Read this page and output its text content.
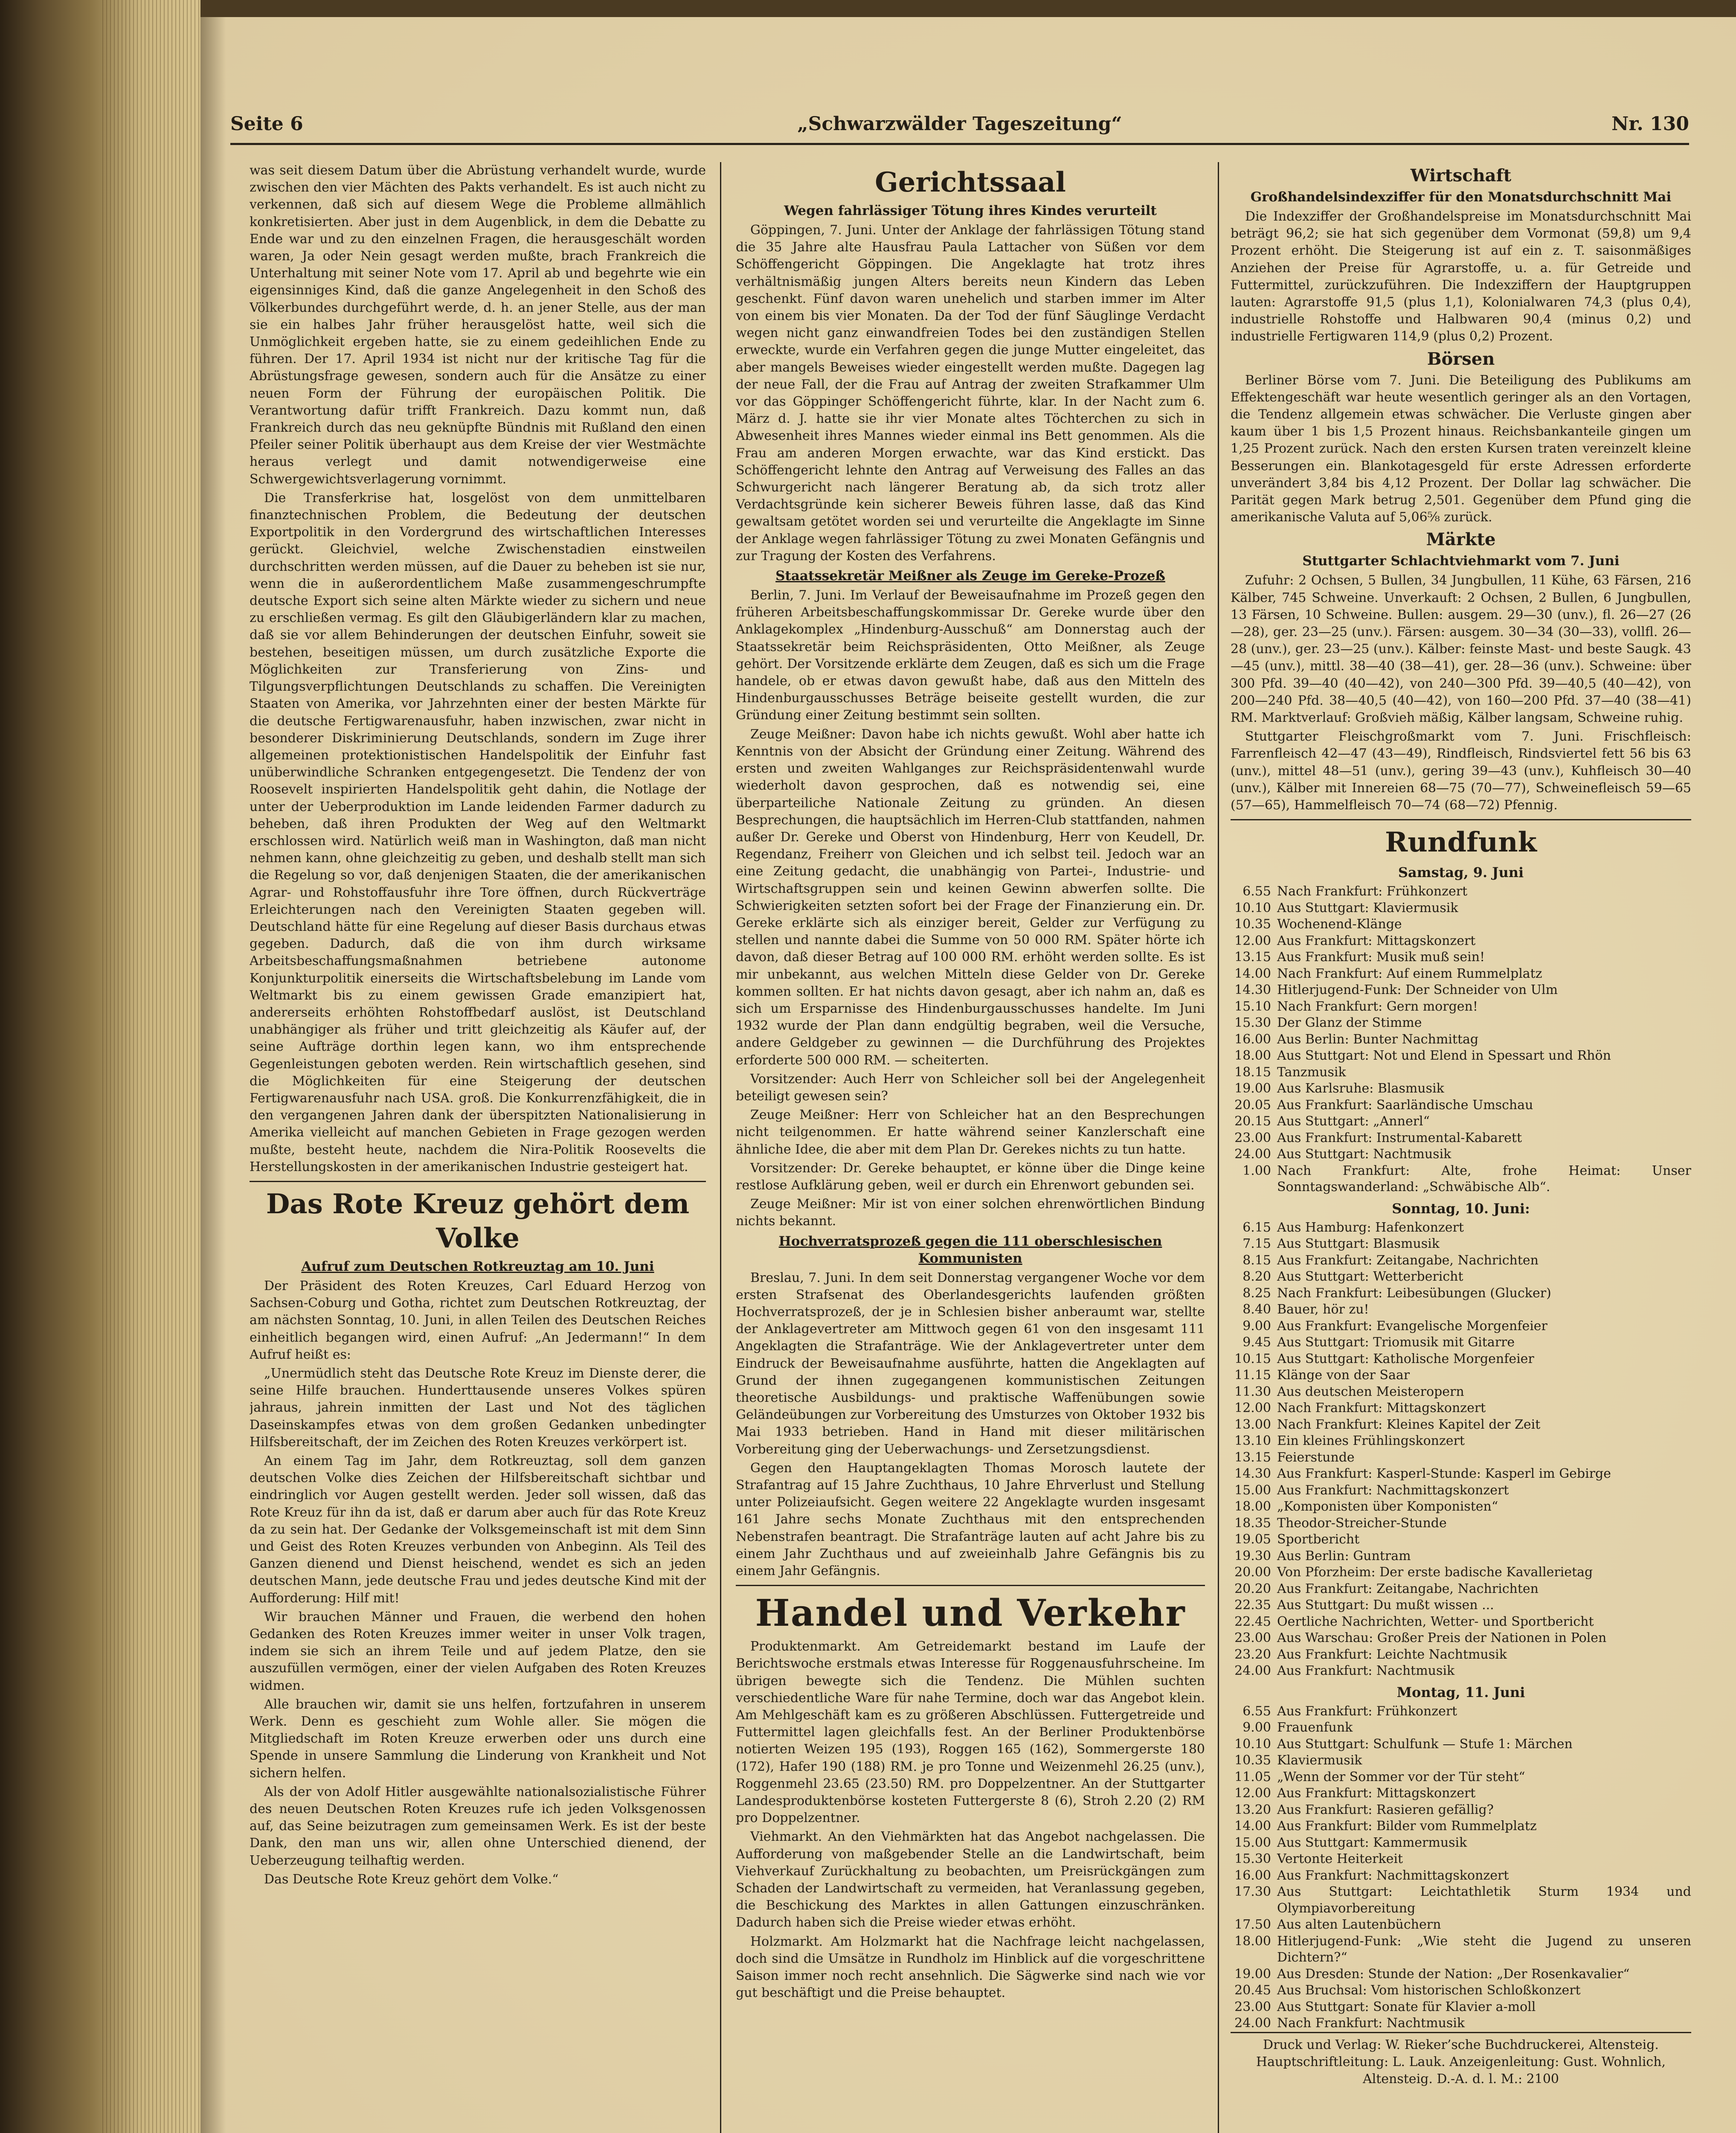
Seite 6	„Schwarzwälder Tageszeitung“	Nr. 130

was seit diesem Datum über die Abrüstung verhandelt wurde, wurde zwischen den vier Mächten des Pakts verhandelt. Es ist auch nicht zu verkennen, daß sich auf diesem Wege die Probleme allmählich konkretisierten. Aber just in dem Augenblick, in dem die Debatte zu Ende war und zu den einzelnen Fragen, die herausgeschält worden waren, Ja oder Nein gesagt werden mußte, brach Frankreich die Unterhaltung mit seiner Note vom 17. April ab und begehrte wie ein eigensinniges Kind, daß die ganze Angelegenheit in den Schoß des Völkerbundes durchgeführt werde, d. h. an jener Stelle, aus der man sie ein halbes Jahr früher herausgelöst hatte, weil sich die Unmöglichkeit ergeben hatte, sie zu einem gedeihlichen Ende zu führen. Der 17. April 1934 ist nicht nur der kritische Tag für die Abrüstungsfrage gewesen, sondern auch für die Ansätze zu einer neuen Form der Führung der europäischen Politik. Die Verantwortung dafür trifft Frankreich. Dazu kommt nun, daß Frankreich durch das neu geknüpfte Bündnis mit Rußland den einen Pfeiler seiner Politik überhaupt aus dem Kreise der vier Westmächte heraus verlegt und damit notwendigerweise eine Schwergewichtsverlagerung vornimmt.

Die Transferkrise hat, losgelöst von dem unmittelbaren finanztechnischen Problem, die Bedeutung der deutschen Exportpolitik in den Vordergrund des wirtschaftlichen Interesses gerückt. Gleichviel, welche Zwischenstadien einstweilen durchschritten werden müssen, auf die Dauer zu beheben ist sie nur, wenn die in außerordentlichem Maße zusammengeschrumpfte deutsche Export sich seine alten Märkte wieder zu sichern und neue zu erschließen vermag. Es gilt den Gläubigerländern klar zu machen, daß sie vor allem Behinderungen der deutschen Einfuhr, soweit sie bestehen, beseitigen müssen, um durch zusätzliche Exporte die Möglichkeiten zur Transferierung von Zins- und Tilgungsverpflichtungen Deutschlands zu schaffen. Die Vereinigten Staaten von Amerika, vor Jahrzehnten einer der besten Märkte für die deutsche Fertigwarenausfuhr, haben inzwischen, zwar nicht in besonderer Diskriminierung Deutschlands, sondern im Zuge ihrer allgemeinen protektionistischen Handelspolitik der Einfuhr fast unüberwindliche Schranken entgegengesetzt. Die Tendenz der von Roosevelt inspirierten Handelspolitik geht dahin, die Notlage der unter der Ueberproduktion im Lande leidenden Farmer dadurch zu beheben, daß ihren Produkten der Weg auf den Weltmarkt erschlossen wird. Natürlich weiß man in Washington, daß man nicht nehmen kann, ohne gleichzeitig zu geben, und deshalb stellt man sich die Regelung so vor, daß denjenigen Staaten, die der amerikanischen Agrar- und Rohstoffausfuhr ihre Tore öffnen, durch Rückverträge Erleichterungen nach den Vereinigten Staaten gegeben will. Deutschland hätte für eine Regelung auf dieser Basis durchaus etwas gegeben. Dadurch, daß die von ihm durch wirksame Arbeitsbeschaffungsmaßnahmen betriebene autonome Konjunkturpolitik einerseits die Wirtschaftsbelebung im Lande vom Weltmarkt bis zu einem gewissen Grade emanzipiert hat, andererseits erhöhten Rohstoffbedarf auslöst, ist Deutschland unabhängiger als früher und tritt gleichzeitig als Käufer auf, der seine Aufträge dorthin legen kann, wo ihm entsprechende Gegenleistungen geboten werden. Rein wirtschaftlich gesehen, sind die Möglichkeiten für eine Steigerung der deutschen Fertigwarenausfuhr nach USA. groß. Die Konkurrenzfähigkeit, die in den vergangenen Jahren dank der überspitzten Nationalisierung in Amerika vielleicht auf manchen Gebieten in Frage gezogen werden mußte, besteht heute, nachdem die Nira-Politik Roosevelts die Herstellungskosten in der amerikanischen Industrie gesteigert hat.

Das Rote Kreuz gehört dem Volke
Aufruf zum Deutschen Rotkreuztag am 10. Juni

Der Präsident des Roten Kreuzes, Carl Eduard Herzog von Sachsen-Coburg und Gotha, richtet zum Deutschen Rotkreuztag, der am nächsten Sonntag, 10. Juni, in allen Teilen des Deutschen Reiches einheitlich begangen wird, einen Aufruf: „An Jedermann!“ In dem Aufruf heißt es:

„Unermüdlich steht das Deutsche Rote Kreuz im Dienste derer, die seine Hilfe brauchen. Hunderttausende unseres Volkes spüren jahraus, jahrein inmitten der Last und Not des täglichen Daseinskampfes etwas von dem großen Gedanken unbedingter Hilfsbereitschaft, der im Zeichen des Roten Kreuzes verkörpert ist.

An einem Tag im Jahr, dem Rotkreuztag, soll dem ganzen deutschen Volke dies Zeichen der Hilfsbereitschaft sichtbar und eindringlich vor Augen gestellt werden. Jeder soll wissen, daß das Rote Kreuz für ihn da ist, daß er darum aber auch für das Rote Kreuz da zu sein hat. Der Gedanke der Volksgemeinschaft ist mit dem Sinn und Geist des Roten Kreuzes verbunden von Anbeginn. Als Teil des Ganzen dienend und Dienst heischend, wendet es sich an jeden deutschen Mann, jede deutsche Frau und jedes deutsche Kind mit der Aufforderung: Hilf mit!

Wir brauchen Männer und Frauen, die werbend den hohen Gedanken des Roten Kreuzes immer weiter in unser Volk tragen, indem sie sich an ihrem Teile und auf jedem Platze, den sie auszufüllen vermögen, einer der vielen Aufgaben des Roten Kreuzes widmen.

Alle brauchen wir, damit sie uns helfen, fortzufahren in unserem Werk. Denn es geschieht zum Wohle aller. Sie mögen die Mitgliedschaft im Roten Kreuze erwerben oder uns durch eine Spende in unsere Sammlung die Linderung von Krankheit und Not sichern helfen.

Als der von Adolf Hitler ausgewählte nationalsozialistische Führer des neuen Deutschen Roten Kreuzes rufe ich jeden Volksgenossen auf, das Seine beizutragen zum gemeinsamen Werk. Es ist der beste Dank, den man uns wir, allen ohne Unterschied dienend, der Ueberzeugung teilhaftig werden.

Das Deutsche Rote Kreuz gehört dem Volke.“

Gerichtssaal
Wegen fahrlässiger Tötung ihres Kindes verurteilt

Göppingen, 7. Juni. Unter der Anklage der fahrlässigen Tötung stand die 35 Jahre alte Hausfrau Paula Lattacher von Süßen vor dem Schöffengericht Göppingen. Die Angeklagte hat trotz ihres verhältnismäßig jungen Alters bereits neun Kindern das Leben geschenkt. Fünf davon waren unehelich und starben immer im Alter von einem bis vier Monaten. Da der Tod der fünf Säuglinge Verdacht wegen nicht ganz einwandfreien Todes bei den zuständigen Stellen erweckte, wurde ein Verfahren gegen die junge Mutter eingeleitet, das aber mangels Beweises wieder eingestellt werden mußte. Dagegen lag der neue Fall, der die Frau auf Antrag der zweiten Strafkammer Ulm vor das Göppinger Schöffengericht führte, klar. In der Nacht zum 6. März d. J. hatte sie ihr vier Monate altes Töchterchen zu sich in Abwesenheit ihres Mannes wieder einmal ins Bett genommen. Als die Frau am anderen Morgen erwachte, war das Kind erstickt. Das Schöffengericht lehnte den Antrag auf Verweisung des Falles an das Schwurgericht nach längerer Beratung ab, da sich trotz aller Verdachtsgründe kein sicherer Beweis führen lasse, daß das Kind gewaltsam getötet worden sei und verurteilte die Angeklagte im Sinne der Anklage wegen fahrlässiger Tötung zu zwei Monaten Gefängnis und zur Tragung der Kosten des Verfahrens.

Staatssekretär Meißner als Zeuge im Gereke-Prozeß

Berlin, 7. Juni. Im Verlauf der Beweisaufnahme im Prozeß gegen den früheren Arbeitsbeschaffungskommissar Dr. Gereke wurde über den Anklagekomplex „Hindenburg-Ausschuß“ am Donnerstag auch der Staatssekretär beim Reichspräsidenten, Otto Meißner, als Zeuge gehört. Der Vorsitzende erklärte dem Zeugen, daß es sich um die Frage handele, ob er etwas davon gewußt habe, daß aus den Mitteln des Hindenburgausschusses Beträge beiseite gestellt wurden, die zur Gründung einer Zeitung bestimmt sein sollten.

Zeuge Meißner: Davon habe ich nichts gewußt. Wohl aber hatte ich Kenntnis von der Absicht der Gründung einer Zeitung. Während des ersten und zweiten Wahlganges zur Reichspräsidentenwahl wurde wiederholt davon gesprochen, daß es notwendig sei, eine überparteiliche Nationale Zeitung zu gründen. An diesen Besprechungen, die hauptsächlich im Herren-Club stattfanden, nahmen außer Dr. Gereke und Oberst von Hindenburg, Herr von Keudell, Dr. Regendanz, Freiherr von Gleichen und ich selbst teil. Jedoch war an eine Zeitung gedacht, die unabhängig von Partei-, Industrie- und Wirtschaftsgruppen sein und keinen Gewinn abwerfen sollte. Die Schwierigkeiten setzten sofort bei der Frage der Finanzierung ein. Dr. Gereke erklärte sich als einziger bereit, Gelder zur Verfügung zu stellen und nannte dabei die Summe von 50 000 RM. Später hörte ich davon, daß dieser Betrag auf 100 000 RM. erhöht werden sollte. Es ist mir unbekannt, aus welchen Mitteln diese Gelder von Dr. Gereke kommen sollten. Er hat nichts davon gesagt, aber ich nahm an, daß es sich um Ersparnisse des Hindenburgausschusses handelte. Im Juni 1932 wurde der Plan dann endgültig begraben, weil die Versuche, andere Geldgeber zu gewinnen — die Durchführung des Projektes erforderte 500 000 RM. — scheiterten.

Vorsitzender: Auch Herr von Schleicher soll bei der Angelegenheit beteiligt gewesen sein?

Zeuge Meißner: Herr von Schleicher hat an den Besprechungen nicht teilgenommen. Er hatte während seiner Kanzlerschaft eine ähnliche Idee, die aber mit dem Plan Dr. Gerekes nichts zu tun hatte.

Vorsitzender: Dr. Gereke behauptet, er könne über die Dinge keine restlose Aufklärung geben, weil er durch ein Ehrenwort gebunden sei.

Zeuge Meißner: Mir ist von einer solchen ehrenwörtlichen Bindung nichts bekannt.

Hochverratsprozeß gegen die 111 oberschlesischen Kommunisten

Breslau, 7. Juni. In dem seit Donnerstag vergangener Woche vor dem ersten Strafsenat des Oberlandesgerichts laufenden größten Hochverratsprozeß, der je in Schlesien bisher anberaumt war, stellte der Anklagevertreter am Mittwoch gegen 61 von den insgesamt 111 Angeklagten die Strafanträge. Wie der Anklagevertreter unter dem Eindruck der Beweisaufnahme ausführte, hatten die Angeklagten auf Grund der ihnen zugegangenen kommunistischen Zeitungen theoretische Ausbildungs- und praktische Waffenübungen sowie Geländeübungen zur Vorbereitung des Umsturzes von Oktober 1932 bis Mai 1933 betrieben. Hand in Hand mit dieser militärischen Vorbereitung ging der Ueberwachungs- und Zersetzungsdienst.

Gegen den Hauptangeklagten Thomas Morosch lautete der Strafantrag auf 15 Jahre Zuchthaus, 10 Jahre Ehrverlust und Stellung unter Polizeiaufsicht. Gegen weitere 22 Angeklagte wurden insgesamt 161 Jahre sechs Monate Zuchthaus mit den entsprechenden Nebenstrafen beantragt. Die Strafanträge lauten auf acht Jahre bis zu einem Jahr Zuchthaus und auf zweieinhalb Jahre Gefängnis bis zu einem Jahr Gefängnis.

Handel und Verkehr

Produktenmarkt. Am Getreidemarkt bestand im Laufe der Berichtswoche erstmals etwas Interesse für Roggenausfuhrscheine. Im übrigen bewegte sich die Tendenz. Die Mühlen suchten verschiedentliche Ware für nahe Termine, doch war das Angebot klein. Am Mehlgeschäft kam es zu größeren Abschlüssen. Futtergetreide und Futtermittel lagen gleichfalls fest. An der Berliner Produktenbörse notierten Weizen 195 (193), Roggen 165 (162), Sommergerste 180 (172), Hafer 190 (188) RM. je pro Tonne und Weizenmehl 26.25 (unv.), Roggenmehl 23.65 (23.50) RM. pro Doppelzentner. An der Stuttgarter Landesproduktenbörse kosteten Futtergerste 8 (6), Stroh 2.20 (2) RM pro Doppelzentner.

Viehmarkt. An den Viehmärkten hat das Angebot nachgelassen. Die Aufforderung von maßgebender Stelle an die Landwirtschaft, beim Viehverkauf Zurückhaltung zu beobachten, um Preisrückgängen zum Schaden der Landwirtschaft zu vermeiden, hat Veranlassung gegeben, die Beschickung des Marktes in allen Gattungen einzuschränken. Dadurch haben sich die Preise wieder etwas erhöht.

Holzmarkt. Am Holzmarkt hat die Nachfrage leicht nachgelassen, doch sind die Umsätze in Rundholz im Hinblick auf die vorgeschrittene Saison immer noch recht ansehnlich. Die Sägwerke sind nach wie vor gut beschäftigt und die Preise behauptet.

Wirtschaft
Großhandelsindexziffer für den Monatsdurchschnitt Mai

Die Indexziffer der Großhandelspreise im Monatsdurchschnitt Mai beträgt 96,2; sie hat sich gegenüber dem Vormonat (59,8) um 9,4 Prozent erhöht. Die Steigerung ist auf ein z. T. saisonmäßiges Anziehen der Preise für Agrarstoffe, u. a. für Getreide und Futtermittel, zurückzuführen. Die Indexziffern der Hauptgruppen lauten: Agrarstoffe 91,5 (plus 1,1), Kolonialwaren 74,3 (plus 0,4), industrielle Rohstoffe und Halbwaren 90,4 (minus 0,2) und industrielle Fertigwaren 114,9 (plus 0,2) Prozent.

Börsen

Berliner Börse vom 7. Juni. Die Beteiligung des Publikums am Effektengeschäft war heute wesentlich geringer als an den Vortagen, die Tendenz allgemein etwas schwächer. Die Verluste gingen aber kaum über 1 bis 1,5 Prozent hinaus. Reichsbankanteile gingen um 1,25 Prozent zurück. Nach den ersten Kursen traten vereinzelt kleine Besserungen ein. Blankotagesgeld für erste Adressen erforderte unverändert 3,84 bis 4,12 Prozent. Der Dollar lag schwächer. Die Parität gegen Mark betrug 2,501. Gegenüber dem Pfund ging die amerikanische Valuta auf 5,06⅝ zurück.

Märkte
Stuttgarter Schlachtviehmarkt vom 7. Juni

Zufuhr: 2 Ochsen, 5 Bullen, 34 Jungbullen, 11 Kühe, 63 Färsen, 216 Kälber, 745 Schweine. Unverkauft: 2 Ochsen, 2 Bullen, 6 Jungbullen, 13 Färsen, 10 Schweine. Bullen: ausgem. 29—30 (unv.), fl. 26—27 (26—28), ger. 23—25 (unv.). Färsen: ausgem. 30—34 (30—33), vollfl. 26—28 (unv.), ger. 23—25 (unv.). Kälber: feinste Mast- und beste Saugk. 43—45 (unv.), mittl. 38—40 (38—41), ger. 28—36 (unv.). Schweine: über 300 Pfd. 39—40 (40—42), von 240—300 Pfd. 39—40,5 (40—42), von 200—240 Pfd. 38—40,5 (40—42), von 160—200 Pfd. 37—40 (38—41) RM. Marktverlauf: Großvieh mäßig, Kälber langsam, Schweine ruhig.

Stuttgarter Fleischgroßmarkt vom 7. Juni. Frischfleisch: Farrenfleisch 42—47 (43—49), Rindfleisch, Rindsviertel fett 56 bis 63 (unv.), mittel 48—51 (unv.), gering 39—43 (unv.), Kuhfleisch 30—40 (unv.), Kälber mit Innereien 68—75 (70—77), Schweinefleisch 59—65 (57—65), Hammelfleisch 70—74 (68—72) Pfennig.

Rundfunk
Samstag, 9. Juni
6.55 Nach Frankfurt: Frühkonzert
10.10 Aus Stuttgart: Klaviermusik
10.35 Wochenend-Klänge
12.00 Aus Frankfurt: Mittagskonzert
13.15 Aus Frankfurt: Musik muß sein!
14.00 Nach Frankfurt: Auf einem Rummelplatz
14.30 Hitlerjugend-Funk: Der Schneider von Ulm
15.10 Nach Frankfurt: Gern morgen!
15.30 Der Glanz der Stimme
16.00 Aus Berlin: Bunter Nachmittag
18.00 Aus Stuttgart: Not und Elend in Spessart und Rhön
18.15 Tanzmusik
19.00 Aus Karlsruhe: Blasmusik
20.05 Aus Frankfurt: Saarländische Umschau
20.15 Aus Stuttgart: „Annerl“
23.00 Aus Frankfurt: Instrumental-Kabarett
24.00 Aus Stuttgart: Nachtmusik
1.00 Nach Frankfurt: Alte, frohe Heimat: Unser Sonntagswanderland: „Schwäbische Alb“.
Sonntag, 10. Juni:
6.15 Aus Hamburg: Hafenkonzert
7.15 Aus Stuttgart: Blasmusik
8.15 Aus Frankfurt: Zeitangabe, Nachrichten
8.20 Aus Stuttgart: Wetterbericht
8.25 Nach Frankfurt: Leibesübungen (Glucker)
8.40 Bauer, hör zu!
9.00 Aus Frankfurt: Evangelische Morgenfeier
9.45 Aus Stuttgart: Triomusik mit Gitarre
10.15 Aus Stuttgart: Katholische Morgenfeier
11.15 Klänge von der Saar
11.30 Aus deutschen Meisteropern
12.00 Nach Frankfurt: Mittagskonzert
13.00 Nach Frankfurt: Kleines Kapitel der Zeit
13.10 Ein kleines Frühlingskonzert
13.15 Feierstunde
14.30 Aus Frankfurt: Kasperl-Stunde: Kasperl im Gebirge
15.00 Aus Frankfurt: Nachmittagskonzert
18.00 „Komponisten über Komponisten“
18.35 Theodor-Streicher-Stunde
19.05 Sportbericht
19.30 Aus Berlin: Guntram
20.00 Von Pforzheim: Der erste badische Kavallerietag
20.20 Aus Frankfurt: Zeitangabe, Nachrichten
22.35 Aus Stuttgart: Du mußt wissen ...
22.45 Oertliche Nachrichten, Wetter- und Sportbericht
23.00 Aus Warschau: Großer Preis der Nationen in Polen
23.20 Aus Frankfurt: Leichte Nachtmusik
24.00 Aus Frankfurt: Nachtmusik
Montag, 11. Juni
6.55 Aus Frankfurt: Frühkonzert
9.00 Frauenfunk
10.10 Aus Stuttgart: Schulfunk — Stufe 1: Märchen
10.35 Klaviermusik
11.05 „Wenn der Sommer vor der Tür steht“
12.00 Aus Frankfurt: Mittagskonzert
13.20 Aus Frankfurt: Rasieren gefällig?
14.00 Aus Frankfurt: Bilder vom Rummelplatz
15.00 Aus Stuttgart: Kammermusik
15.30 Vertonte Heiterkeit
16.00 Aus Frankfurt: Nachmittagskonzert
17.30 Aus Stuttgart: Leichtathletik Sturm 1934 und Olympiavorbereitung
17.50 Aus alten Lautenbüchern
18.00 Hitlerjugend-Funk: „Wie steht die Jugend zu unseren Dichtern?“
19.00 Aus Dresden: Stunde der Nation: „Der Rosenkavalier“
20.45 Aus Bruchsal: Vom historischen Schloßkonzert
23.00 Aus Stuttgart: Sonate für Klavier a-moll
24.00 Nach Frankfurt: Nachtmusik
Druck und Verlag: W. Rieker’sche Buchdruckerei, Altensteig. Hauptschriftleitung: L. Lauk. Anzeigenleitung: Gust. Wohnlich, Altensteig. D.-A. d. l. M.: 2100
